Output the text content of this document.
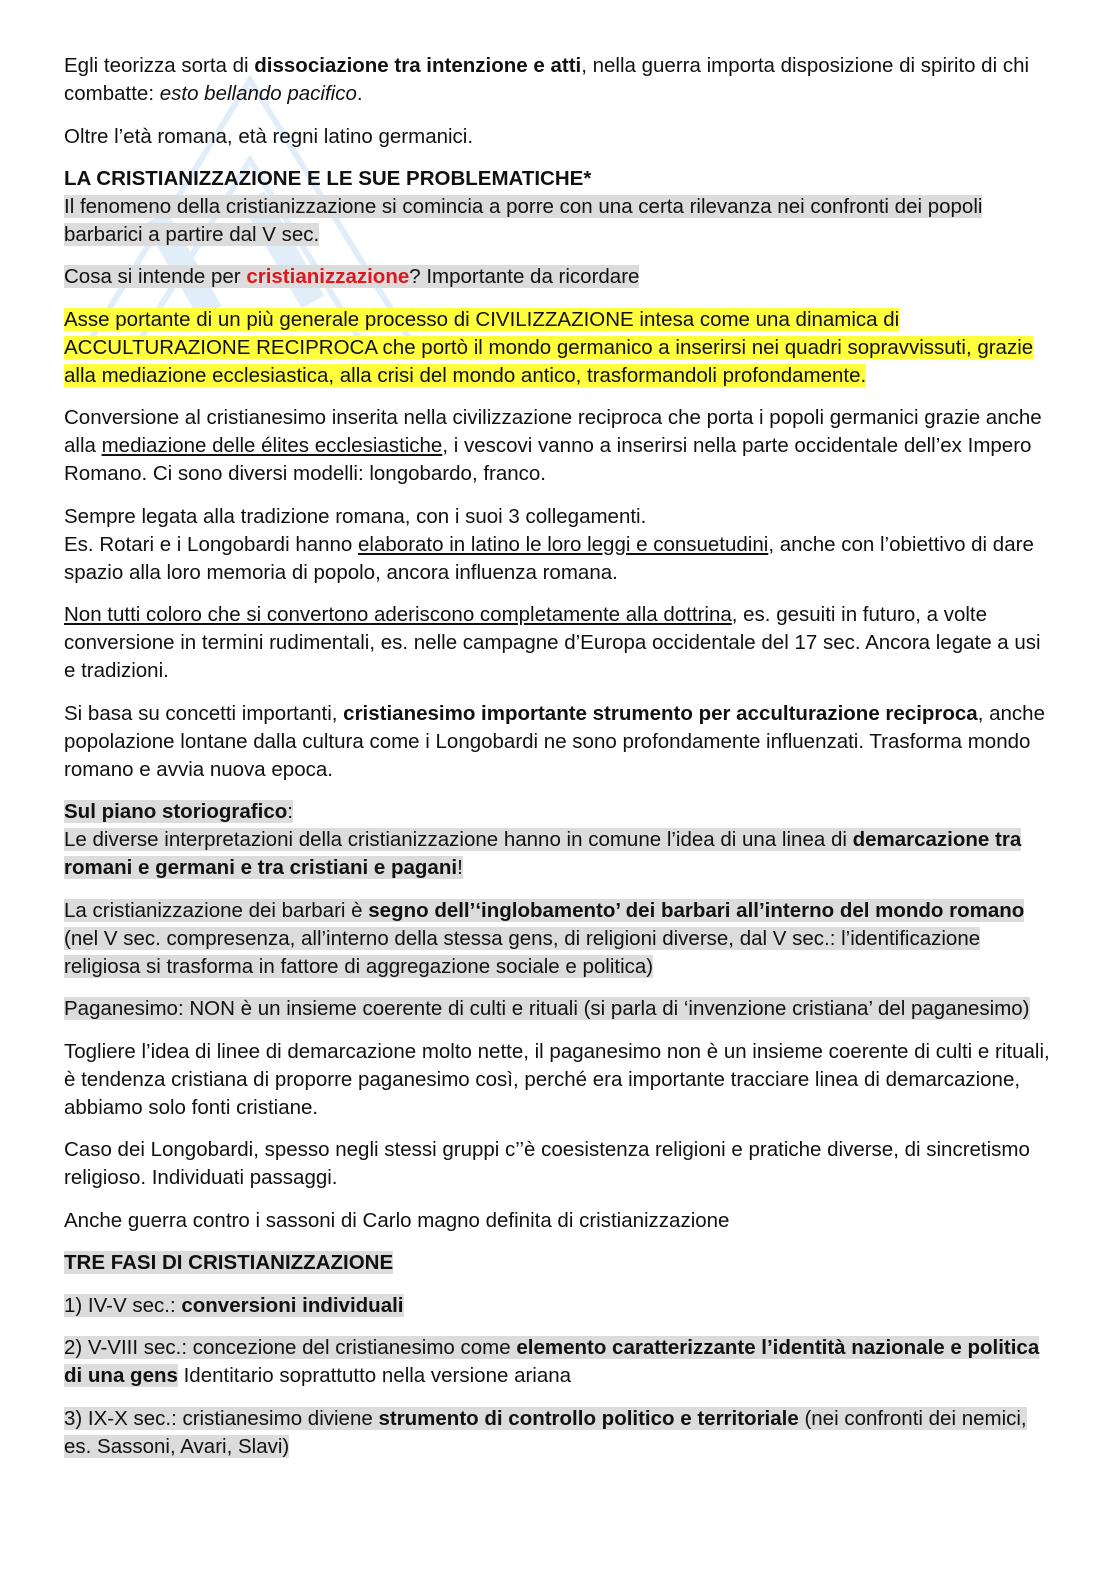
Egli teorizza sorta di dissociazione tra intenzione e atti, nella guerra importa disposizione di spirito di chi combatte: esto bellando pacifico.

Oltre l’età romana, età regni latino germanici.

LA CRISTIANIZZAZIONE E LE SUE PROBLEMATICHE*
Il fenomeno della cristianizzazione si comincia a porre con una certa rilevanza nei confronti dei popoli barbarici a partire dal V sec.

Cosa si intende per cristianizzazione? Importante da ricordare

Asse portante di un più generale processo di CIVILIZZAZIONE intesa come una dinamica di ACCULTURAZIONE RECIPROCA che portò il mondo germanico a inserirsi nei quadri sopravvissuti, grazie alla mediazione ecclesiastica, alla crisi del mondo antico, trasformandoli profondamente.

Conversione al cristianesimo inserita nella civilizzazione reciproca che porta i popoli germanici grazie anche alla mediazione delle élites ecclesiastiche, i vescovi vanno a inserirsi nella parte occidentale dell’ex Impero Romano. Ci sono diversi modelli: longobardo, franco.

Sempre legata alla tradizione romana, con i suoi 3 collegamenti.
Es. Rotari e i Longobardi hanno elaborato in latino le loro leggi e consuetudini, anche con l’obiettivo di dare spazio alla loro memoria di popolo, ancora influenza romana.

Non tutti coloro che si convertono aderiscono completamente alla dottrina, es. gesuiti in futuro, a volte conversione in termini rudimentali, es. nelle campagne d’Europa occidentale del 17 sec. Ancora legate a usi e tradizioni.

Si basa su concetti importanti, cristianesimo importante strumento per acculturazione reciproca, anche popolazione lontane dalla cultura come i Longobardi ne sono profondamente influenzati. Trasforma mondo romano e avvia nuova epoca.

Sul piano storiografico:
Le diverse interpretazioni della cristianizzazione hanno in comune l’idea di una linea di demarcazione tra romani e germani e tra cristiani e pagani!

La cristianizzazione dei barbari è segno dell’‘inglobamento’ dei barbari all’interno del mondo romano (nel V sec. compresenza, all’interno della stessa gens, di religioni diverse, dal V sec.: l’identificazione religiosa si trasforma in fattore di aggregazione sociale e politica)

Paganesimo: NON è un insieme coerente di culti e rituali (si parla di ‘invenzione cristiana’ del paganesimo)

Togliere l’idea di linee di demarcazione molto nette, il paganesimo non è un insieme coerente di culti e rituali, è tendenza cristiana di proporre paganesimo così, perché era importante tracciare linea di demarcazione, abbiamo solo fonti cristiane.

Caso dei Longobardi, spesso negli stessi gruppi c’’è coesistenza religioni e pratiche diverse, di sincretismo religioso. Individuati passaggi.

Anche guerra contro i sassoni di Carlo magno definita di cristianizzazione

TRE FASI DI CRISTIANIZZAZIONE

1) IV-V sec.: conversioni individuali

2) V-VIII sec.: concezione del cristianesimo come elemento caratterizzante l’identità nazionale e politica di una gens Identitario soprattutto nella versione ariana

3) IX-X sec.: cristianesimo diviene strumento di controllo politico e territoriale (nei confronti dei nemici, es. Sassoni, Avari, Slavi)
